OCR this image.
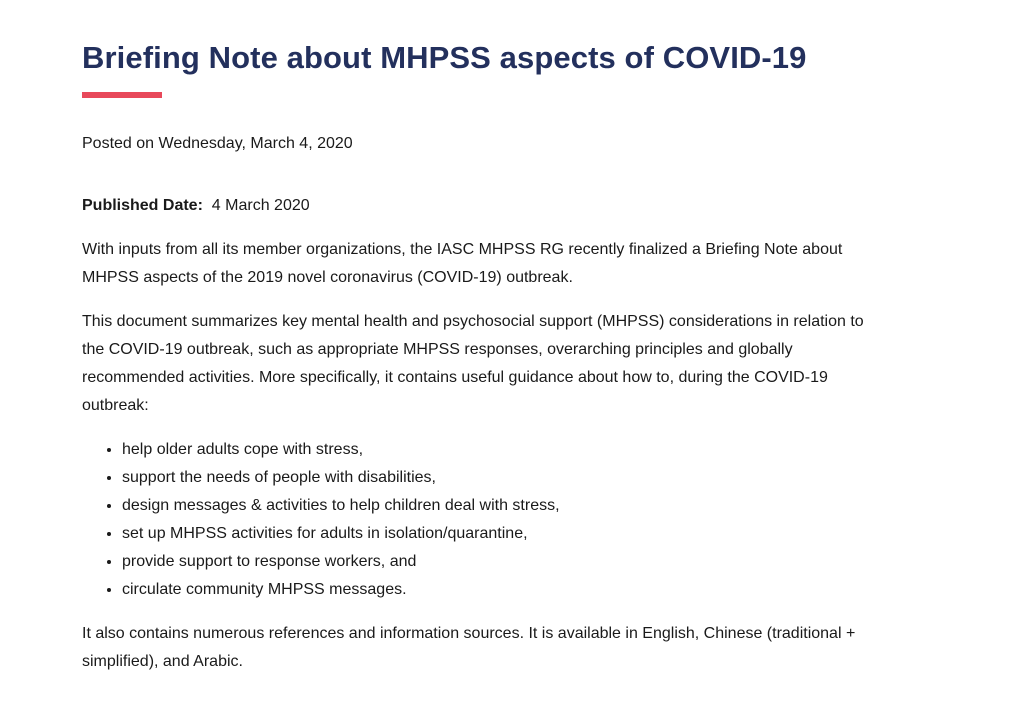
Briefing Note about MHPSS aspects of COVID-19
Posted on Wednesday, March 4, 2020

Published Date: 4 March 2020

With inputs from all its member organizations, the IASC MHPSS RG recently finalized a Briefing Note about MHPSS aspects of the 2019 novel coronavirus (COVID-19) outbreak.

This document summarizes key mental health and psychosocial support (MHPSS) considerations in relation to the COVID-19 outbreak, such as appropriate MHPSS responses, overarching principles and globally recommended activities. More specifically, it contains useful guidance about how to, during the COVID-19 outbreak:

• help older adults cope with stress,
• support the needs of people with disabilities,
• design messages & activities to help children deal with stress,
• set up MHPSS activities for adults in isolation/quarantine,
• provide support to response workers, and
• circulate community MHPSS messages.

It also contains numerous references and information sources. It is available in English, Chinese (traditional + simplified), and Arabic.
